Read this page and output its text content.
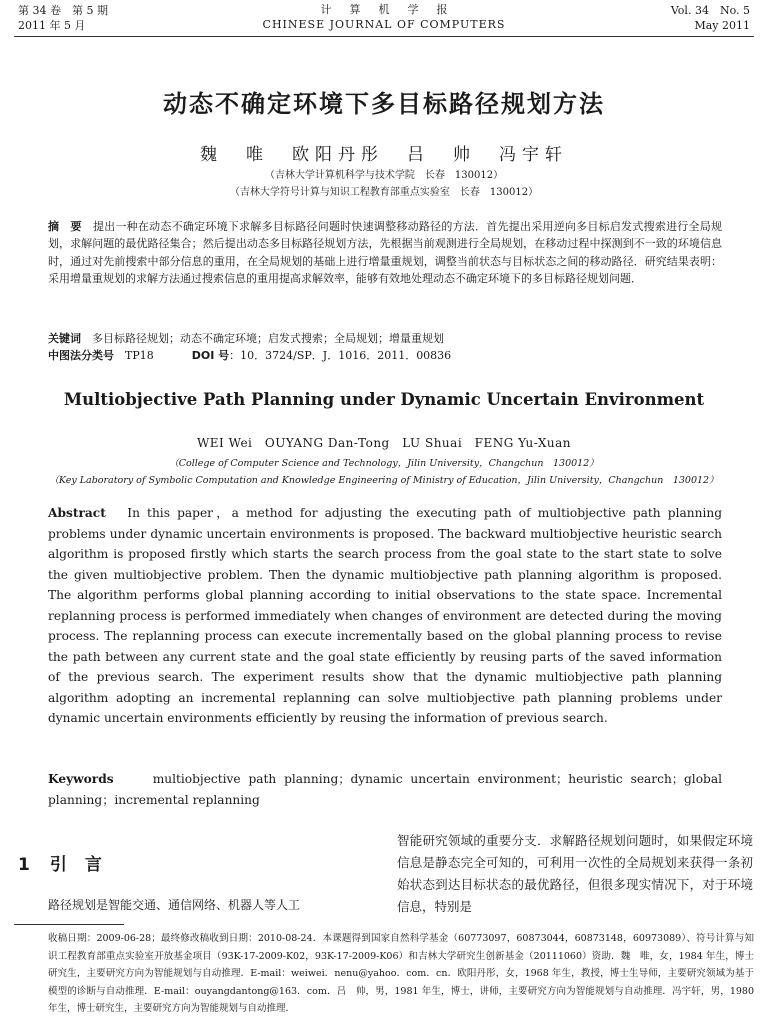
第 34 卷　第 5 期
2011 年 5 月
计算机学报
CHINESE JOURNAL OF COMPUTERS
Vol. 34　No. 5
May 2011
动态不确定环境下多目标路径规划方法
魏　唯　欧阳丹彤　吕　帅　冯宇轩
（吉林大学计算机科学与技术学院　长春　130012）
（吉林大学符号计算与知识工程教育部重点实验室　长春　130012）
摘　要　 提出一种在动态不确定环境下求解多目标路径问题时快速调整移动路径的方法．首先提出采用逆向多目标启发式搜索进行全局规划，求解问题的最优路径集合；然后提出动态多目标路径规划方法，先根据当前观测进行全局规划，在移动过程中探测到不一致的环境信息时，通过对先前搜索中部分信息的重用，在全局规划的基础上进行增量重规划，调整当前状态与目标状态之间的移动路径．研究结果表明：采用增量重规划的求解方法通过搜索信息的重用提高求解效率，能够有效地处理动态不确定环境下的多目标路径规划问题．
关键词　 多目标路径规划；动态不确定环境；启发式搜索；全局规划；增量重规划
中图法分类号　 TP18	DOI 号：10．3724/SP．J．1016．2011．00836
Multiobjective Path Planning under Dynamic Uncertain Environment
WEI Wei　OUYANG Dan-Tong　LU Shuai　FENG Yu-Xuan
（College of Computer Science and Technology，Jilin University，Changchun　130012）
（Key Laboratory of Symbolic Computation and Knowledge Engineering of Ministry of Education，Jilin University，Changchun　130012）
Abstract In this paper，a method for adjusting the executing path of multiobjective path planning problems under dynamic uncertain environments is proposed. The backward multiobjective heuristic search algorithm is proposed firstly which starts the search process from the goal state to the start state to solve the given multiobjective problem. Then the dynamic multiobjective path planning algorithm is proposed. The algorithm performs global planning according to initial observations to the state space. Incremental replanning process is performed immediately when changes of environment are detected during the moving process. The replanning process can execute incrementally based on the global planning process to revise the path between any current state and the goal state efficiently by reusing parts of the saved information of the previous search. The experiment results show that the dynamic multiobjective path planning algorithm adopting an incremental replanning can solve multiobjective path planning problems under dynamic uncertain environments efficiently by reusing the information of previous search.
Keywords	multiobjective path planning；dynamic uncertain environment；heuristic search；global planning；incremental replanning
1 引言
路径规划是智能交通、通信网络、机器人等人工
智能研究领域的重要分支．求解路径规划问题时，如果假定环境信息是静态完全可知的，可利用一次性的全局规划来获得一条初始状态到达目标状态的最优路径，但很多现实情况下，对于环境信息，特别是
收稿日期：2009-06-28；最终修改稿收到日期：2010-08-24．本课题得到国家自然科学基金（60773097，60873044，60873148，60973089）、符号计算与知识工程教育部重点实验室开放基金项目（93K-17-2009-K02，93K-17-2009-K06）和吉林大学研究生创新基金（20111060）资助．魏　唯，女，1984 年生，博士研究生，主要研究方向为智能规划与自动推理．E-mail：weiwei．nenu@yahoo．com．cn．欧阳丹彤，女，1968 年生，教授，博士生导师，主要研究领域为基于模型的诊断与自动推理．E-mail：ouyangdantong@163．com．吕　帅，男，1981 年生，博士，讲师，主要研究方向为智能规划与自动推理．冯宇轩，男，1980 年生，博士研究生，主要研究方向为智能规划与自动推理．
